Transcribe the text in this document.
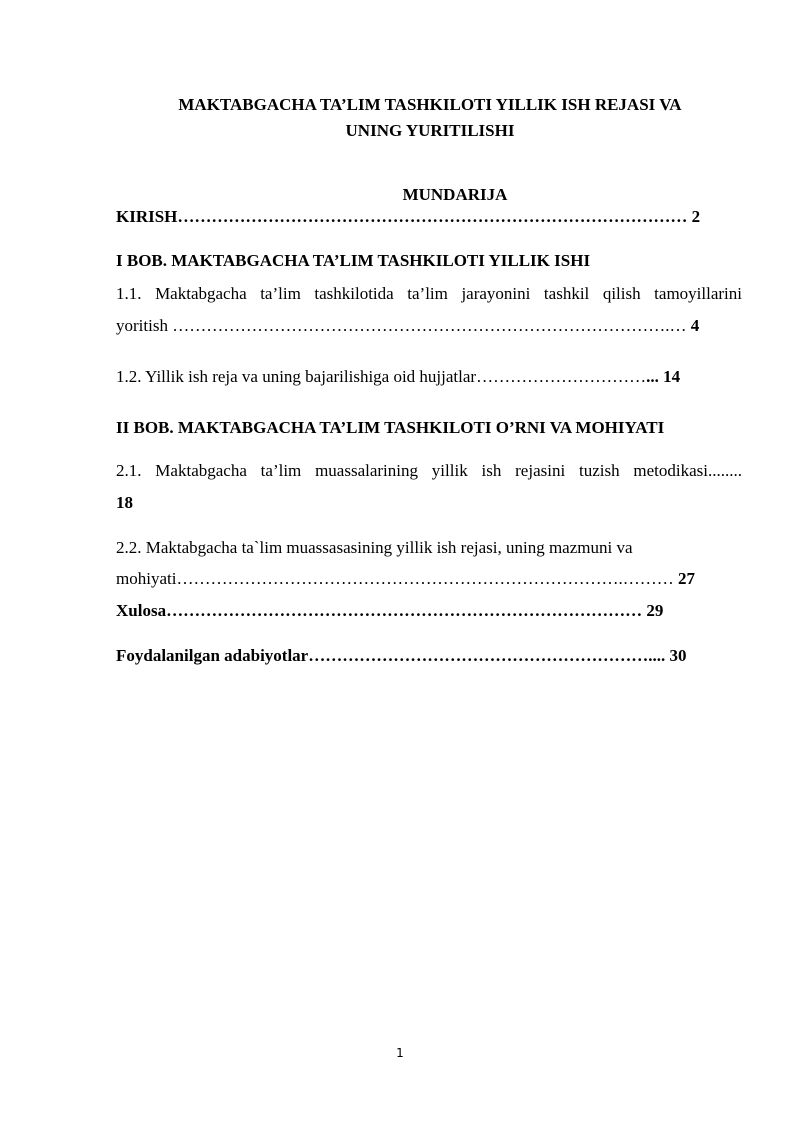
MAKTABGACHA TA’LIM TASHKILOTI YILLIK ISH REJASI VA
UNING YURITILISHI
MUNDARIJA
KIRISH……………………………………………………………………………… 2
I BOB. MAKTABGACHA TA’LIM TASHKILOTI YILLIK ISHI
1.1. Maktabgacha ta’lim tashkilotida ta’lim jarayonini tashkil qilish tamoyillarini
yoritish …………………………………………………………………………….… 4
1.2. Yillik ish reja va uning bajarilishiga oid hujjatlar…………………………... 14
II BOB. MAKTABGACHA TA’LIM TASHKILOTI O’RNI VA MOHIYATI
2.1. Maktabgacha ta’lim muassalarining yillik ish rejasini tuzish metodikasi........
18
2.2. Maktabgacha ta`lim muassasasining yillik ish rejasi, uning mazmuni va
mohiyati…………………………………………………………………….……… 27
Xulosa………………………………………………………………………… 29
Foydalanilgan adabiyotlar…………………………………………………….... 30
1
